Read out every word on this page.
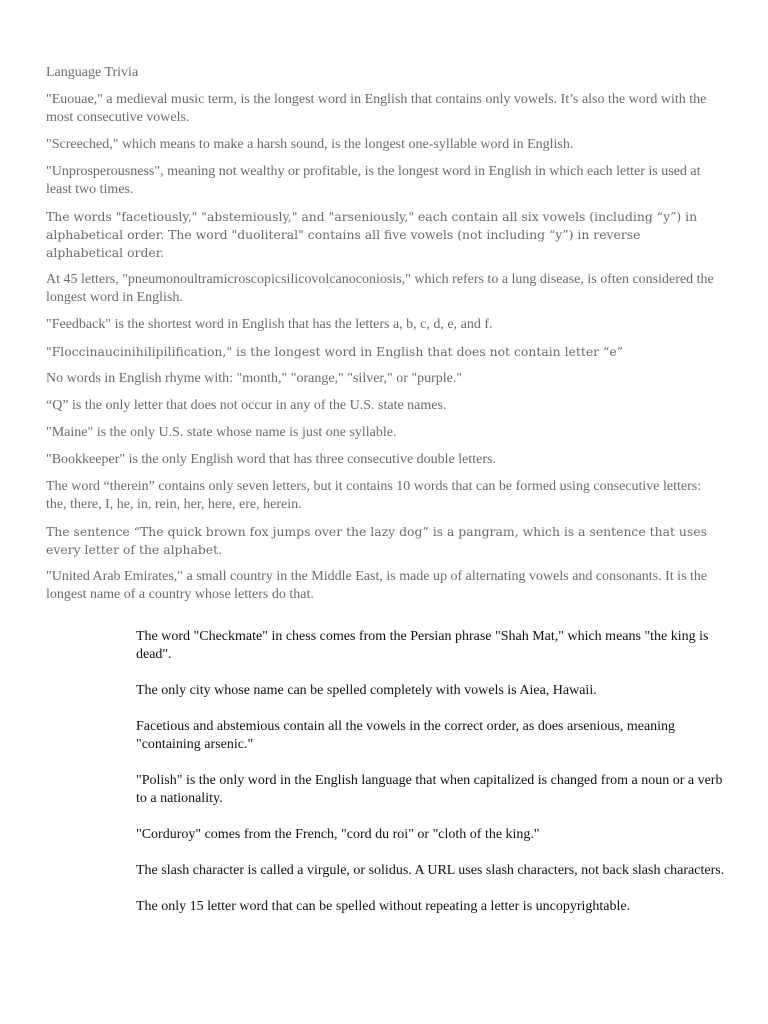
Language Trivia

"Euouae," a medieval music term, is the longest word in English that contains only vowels. It’s also the word with the most consecutive vowels.

"Screeched," which means to make a harsh sound, is the longest one-syllable word in English.

"Unprosperousness", meaning not wealthy or profitable, is the longest word in English in which each letter is used at least two times.

The words "facetiously," "abstemiously," and "arseniously," each contain all six vowels (including “y”) in alphabetical order. The word "duoliteral" contains all five vowels (not including “y”) in reverse alphabetical order.

At 45 letters, "pneumonoultramicroscopicsilicovolcanoconiosis," which refers to a lung disease, is often considered the longest word in English.

"Feedback" is the shortest word in English that has the letters a, b, c, d, e, and f.

"Floccinaucinihilipilification," is the longest word in English that does not contain letter “e”

No words in English rhyme with: "month," "orange," "silver," or "purple."

“Q” is the only letter that does not occur in any of the U.S. state names.

"Maine" is the only U.S. state whose name is just one syllable.

"Bookkeeper" is the only English word that has three consecutive double letters.

The word “therein” contains only seven letters, but it contains 10 words that can be formed using consecutive letters: the, there, I, he, in, rein, her, here, ere, herein.

The sentence “The quick brown fox jumps over the lazy dog” is a pangram, which is a sentence that uses every letter of the alphabet.

"United Arab Emirates," a small country in the Middle East, is made up of alternating vowels and consonants. It is the longest name of a country whose letters do that.

The word "Checkmate" in chess comes from the Persian phrase "Shah Mat," which means "the king is dead".

The only city whose name can be spelled completely with vowels is Aiea, Hawaii.

Facetious and abstemious contain all the vowels in the correct order, as does arsenious, meaning "containing arsenic."

"Polish" is the only word in the English language that when capitalized is changed from a noun or a verb to a nationality.

"Corduroy" comes from the French, "cord du roi" or "cloth of the king."

The slash character is called a virgule, or solidus. A URL uses slash characters, not back slash characters.

The only 15 letter word that can be spelled without repeating a letter is uncopyrightable.
